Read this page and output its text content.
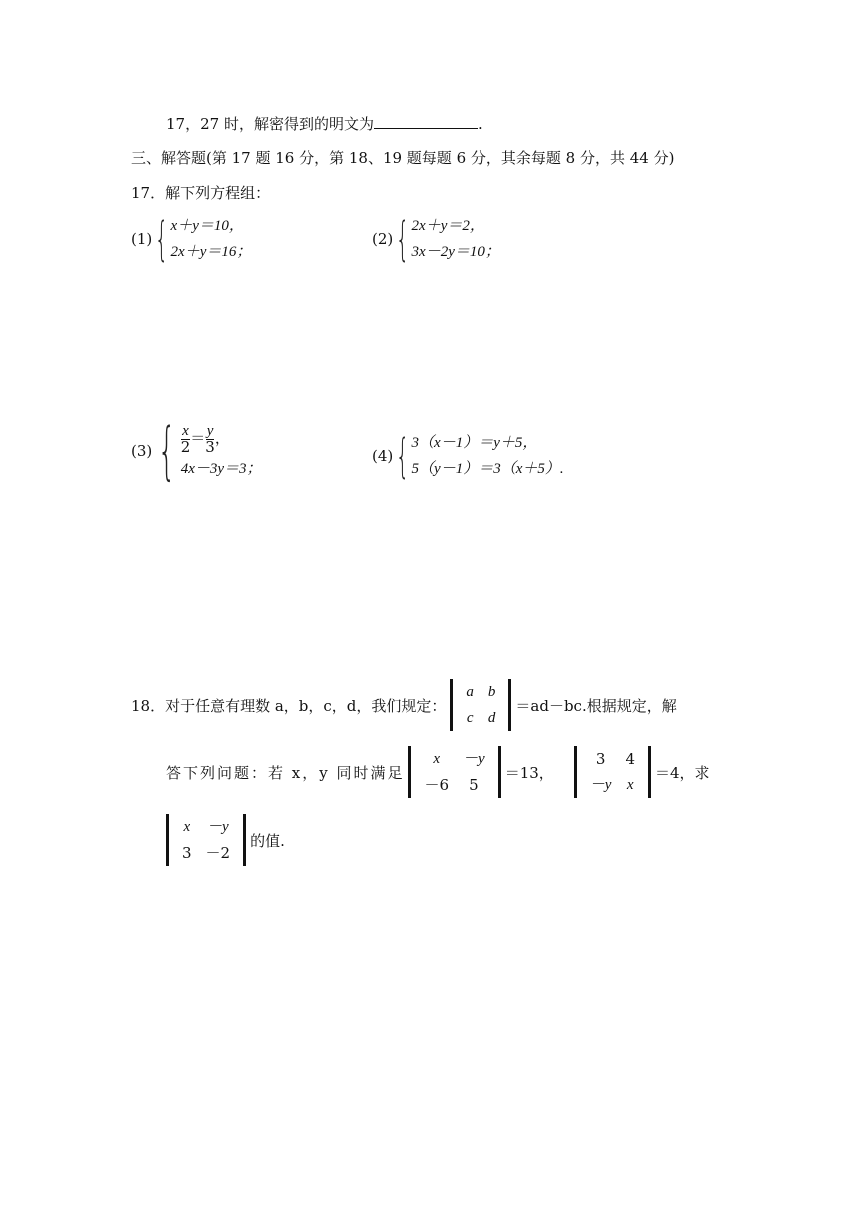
17，27 时，解密得到的明文为	.
三、解答题(第 17 题 16 分，第 18、19 题每题 6 分，其余每题 8 分，共 44 分)
17．解下列方程组：
(1) { x＋y＝10，
2x＋y＝16；
(2) { 2x＋y＝2，
3x－2y＝10；
(3) { $\frac{x}{2} = \frac{y}{3}$ ，
4x－3y＝3；
(4) { 3（x－1）＝y＋5，
5（y－1）＝3（x＋5）.
18．对于任意有理数 a，b，c，d，我们规定：
a	b
c	d
＝ad－bc.根据规定，解
答下列问题：若 x，y 同时满足
x	－y
－6	5
＝13，
3	4
－y	x
＝4，求
x	－y
3	－2
的值.
